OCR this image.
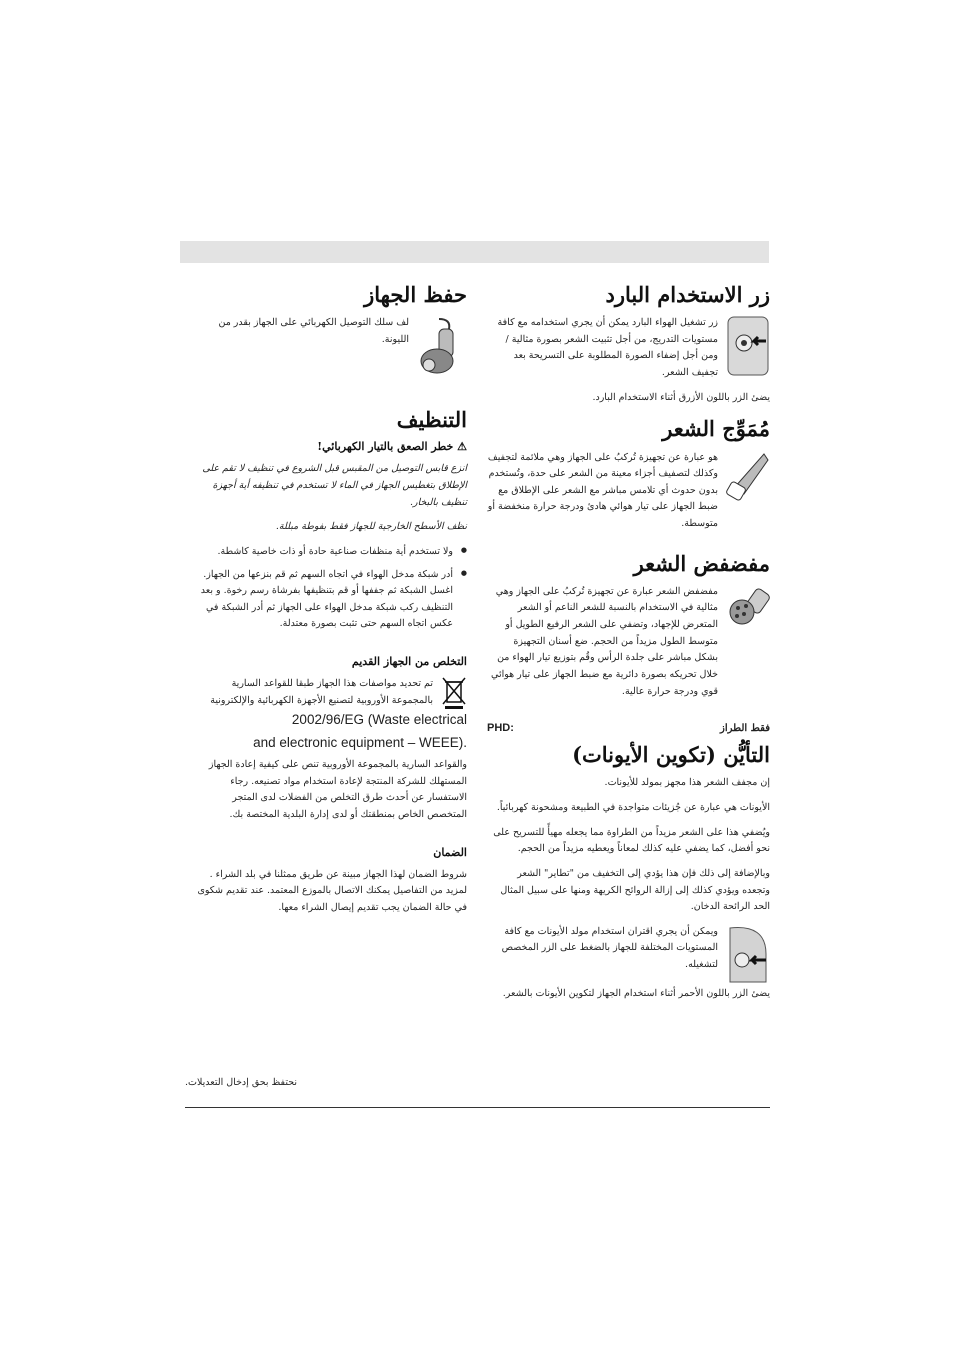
زر الاستخدام البارد

زر تشغيل الهواء البارد يمكن أن يجري استخدامه مع كافة مستويات التدريج، من أجل تثبيت الشعر بصورة مثالية / ومن أجل إضفاء الصورة المطلوبة على التسريحة بعد تجفيف الشعر.

يضئ الزر باللون الأزرق أثناء الاستخدام البارد.

مُمَوِّج الشعر

هو عبارة عن تجهيزة تُركبُ على الجهاز وهي ملائمة لتجفيف وكذلك لتصفيف أجزاء معينة من الشعر على حدة، وتُستخدم بدون حدوث أي تلامس مباشر مع الشعر على الإطلاق مع ضبط الجهاز على تيار هوائي هادئ ودرجة حرارة منخفضة أو متوسطة.

مفضفض الشعر

مفضفض الشعر عبارة عن تجهيزة تُركبُ على الجهاز وهي مثالية في الاستخدام بالنسبة للشعر الناعم أو الشعر المتعرض للإجهاد، وتضفي على الشعر الرفيع الطويل أو متوسط الطول مزيداً من الحجم. ضع أسنان التجهيزة بشكل مباشر على جلدة الرأس وقُم بتوزيع تيار الهواء من خلال تحريكه بصورة دائرية مع ضبط الجهاز على تيار هوائي قوي ودرجة حرارة عالية.

فقط الطراز
PHD:
التأيُّن (تكوين الأيونات)

إن مجفف الشعر هذا مجهز بمولد للأيونات.

الأيونات هي عبارة عن جُزيئات متواجدة في الطبيعة ومشحونة كهربائياً.

ويُضفي هذا على الشعر مزيداً من الطراوة مما يجعله مهيأً للتسريح على نحو أفضل، كما يضفي عليه كذلك لمعاناً ويعطيه مزيداً من الحجم.

وبالإضافة إلى ذلك فإن هذا يؤدي إلى التخفيف من "تطاير" الشعر وتجعده ويؤدي كذلك إلى إزالة الروائح الكريهة ومنها على سبيل المثال الحد الرائحة الدخان.

ويمكن أن يجري اقتران استخدام مولد الأيونات مع كافة المستويات المختلفة للجهاز بالضغط على الزر المخصص لتشغيله.

يضئ الزر باللون الأحمر أثناء استخدام الجهاز لتكوين الأيونات بالشعر.

حفظ الجهاز

لف سلك التوصيل الكهربائي على الجهاز بقدر من الليونة.

التنظيف
⚠ خطر الصعق بالتيار الكهربائي!

انزع قابس التوصيل من المقبس قبل الشروع في تنظيف لا تقم على الإطلاق بتغطيس الجهاز في الماء لا تستخدم في تنظيفه أية أجهزة تنظيف بالبخار.

نظف الأسطح الخارجية للجهاز فقط بفوطة مبللة.

● ولا تستخدم أية منظفات صناعية حادة أو ذات خاصية كاشطة.
● أدر شبكة مدخل الهواء في اتجاه السهم ثم قم بنزعها من الجهاز. اغسل الشبكة ثم جففها أو قم بتنظيفها بفرشاة رسم رخوة. و بعد التنظيف ركب شبكة مدخل الهواء على الجهاز ثم أدر الشبكة في عكس اتجاه السهم حتى تثبت بصورة معتدلة.
التخلص من الجهاز القديم

تم تحديد مواصفات هذا الجهاز طبقا للقواعد السارية بالمجموعة الأوروبية لتصنيع الأجهزة الكهربائية والإلكترونية

2002/96/EG (Waste electrical
and electronic equipment – WEEE).

والقواعد السارية بالمجموعة الأوروبية تنص على كيفية إعادة الجهاز المستهلك للشركة المنتجة لإعادة استخدام مواد تصنيعه. رجاء الاستفسار عن أحدث طرق التخلص من الفضلات لدى المتجر المتخصص الخاص بمنطقتك أو لدى إدارة البلدية المختصة بك.

الضمان

شروط الضمان لهذا الجهاز مبينة عن طريق ممثلنا في بلد الشراء . لمزيد من التفاصيل يمكنك الاتصال بالموزع المعتمد. عند تقديم شكوى في حالة الضمان يجب تقديم إيصال الشراء معها.

نحتفظ بحق إدخال التعديلات.
